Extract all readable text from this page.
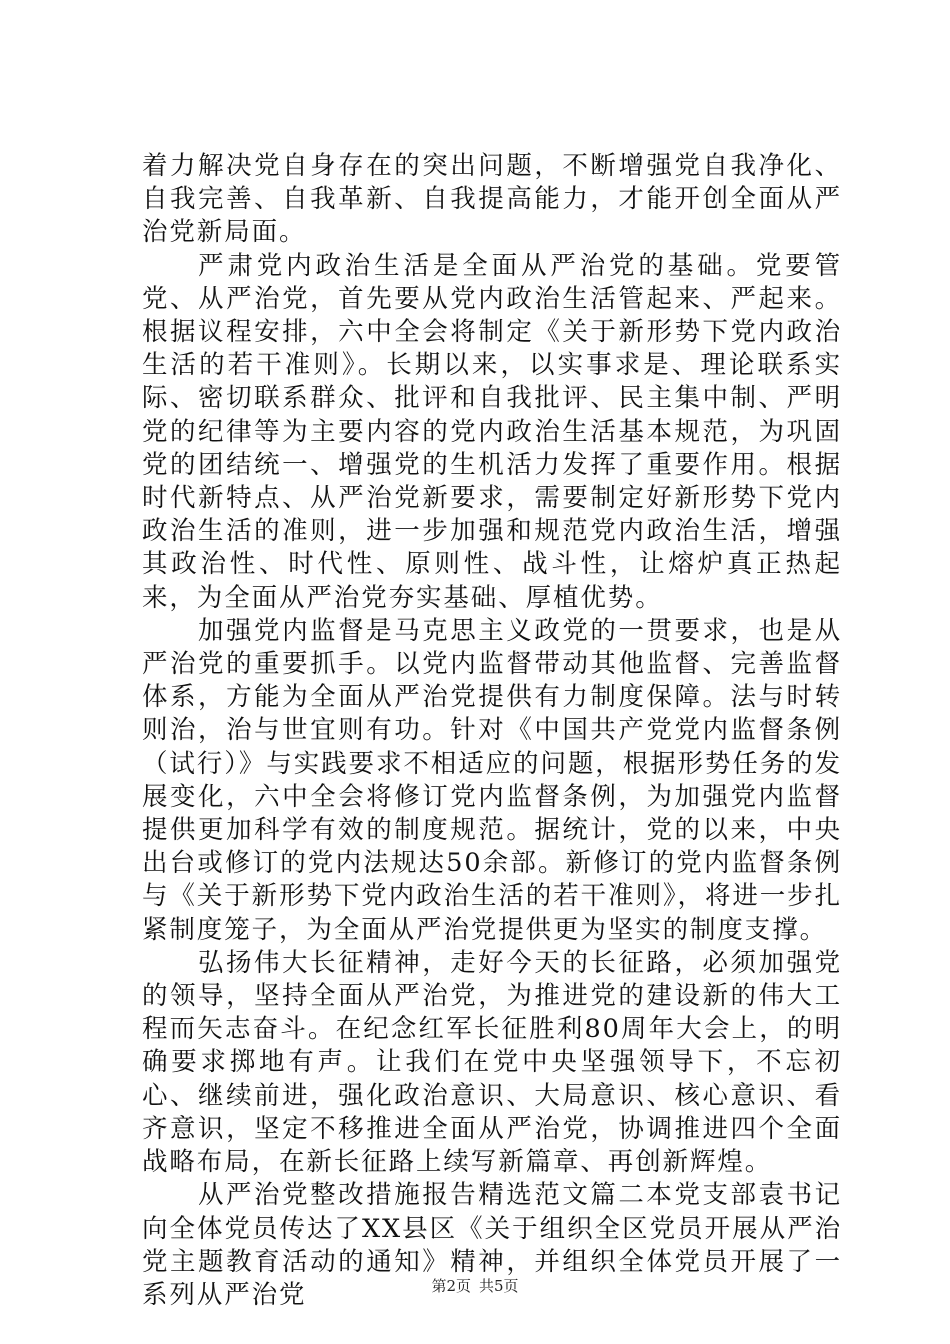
着力解决党自身存在的突出问题，不断增强党自我净化、自我完善、自我革新、自我提高能力，才能开创全面从严治党新局面。

严肃党内政治生活是全面从严治党的基础。党要管党、从严治党，首先要从党内政治生活管起来、严起来。根据议程安排，六中全会将制定《关于新形势下党内政治生活的若干准则》。长期以来，以实事求是、理论联系实际、密切联系群众、批评和自我批评、民主集中制、严明党的纪律等为主要内容的党内政治生活基本规范，为巩固党的团结统一、增强党的生机活力发挥了重要作用。根据时代新特点、从严治党新要求，需要制定好新形势下党内政治生活的准则，进一步加强和规范党内政治生活，增强其政治性、时代性、原则性、战斗性，让熔炉真正热起来，为全面从严治党夯实基础、厚植优势。

加强党内监督是马克思主义政党的一贯要求，也是从严治党的重要抓手。以党内监督带动其他监督、完善监督体系，方能为全面从严治党提供有力制度保障。法与时转则治，治与世宜则有功。针对《中国共产党党内监督条例（试行）》与实践要求不相适应的问题，根据形势任务的发展变化，六中全会将修订党内监督条例，为加强党内监督提供更加科学有效的制度规范。据统计，党的以来，中央出台或修订的党内法规达50余部。新修订的党内监督条例与《关于新形势下党内政治生活的若干准则》，将进一步扎紧制度笼子，为全面从严治党提供更为坚实的制度支撑。

弘扬伟大长征精神，走好今天的长征路，必须加强党的领导，坚持全面从严治党，为推进党的建设新的伟大工程而矢志奋斗。在纪念红军长征胜利80周年大会上，的明确要求掷地有声。让我们在党中央坚强领导下，不忘初心、继续前进，强化政治意识、大局意识、核心意识、看齐意识，坚定不移推进全面从严治党，协调推进四个全面战略布局，在新长征路上续写新篇章、再创新辉煌。

从严治党整改措施报告精选范文篇二本党支部袁书记向全体党员传达了XX县区《关于组织全区党员开展从严治党主题教育活动的通知》精神，并组织全体党员开展了一系列从严治党	第2页 共5页
